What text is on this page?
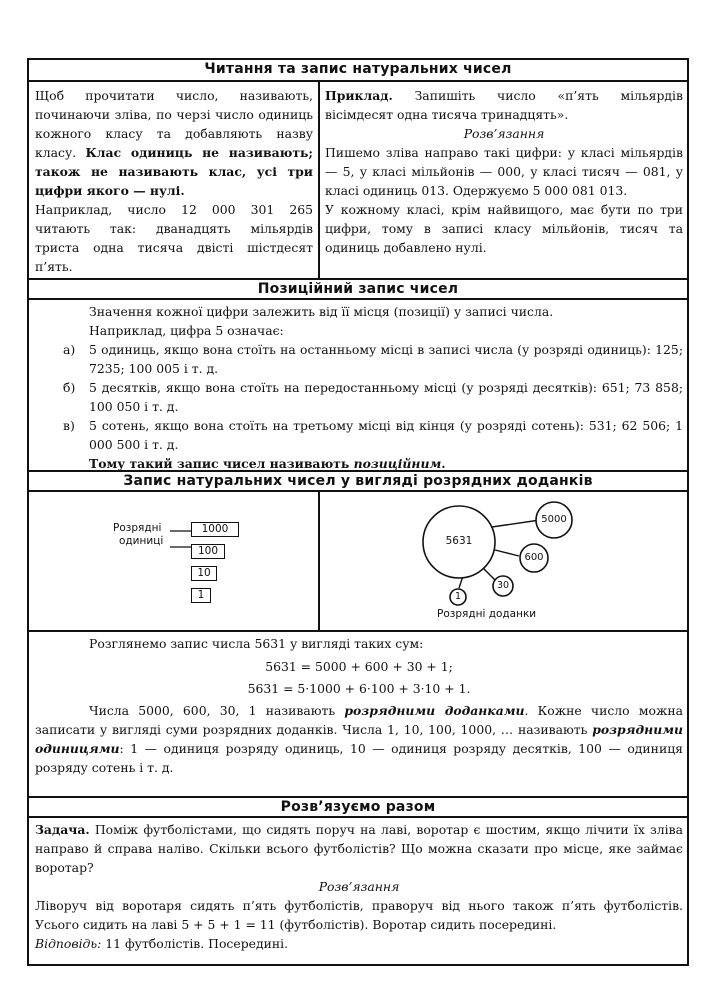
Читання та запис натуральних чисел
Щоб прочитати число, називають, починаючи зліва, по черзі число одиниць кожного класу та добавляють назву класу. Клас одиниць не називають; також не називають клас, усі три цифри якого — нулі.
Наприклад, число 12 000 301 265 читають так: дванадцять мільярдів триста одна тисяча двісті шістдесят п’ять.
Приклад. Запишіть число «п’ять мільярдів вісімдесят одна тисяча тринадцять».
Розв’язання
Пишемо зліва направо такі цифри: у класі мільярдів — 5, у класі мільйонів — 000, у класі тисяч — 081, у класі одиниць 013. Одержуємо 5 000 081 013.
У кожному класі, крім найвищого, має бути по три цифри, тому в записі класу мільйонів, тисяч та одиниць добавлено нулі.
Позиційний запис чисел
Значення кожної цифри залежить від її місця (позиції) у записі числа.
Наприклад, цифра 5 означає:
а) 5 одиниць, якщо вона стоїть на останньому місці в записі числа (у розряді одиниць): 125; 7235; 100 005 і т. д.
б) 5 десятків, якщо вона стоїть на передостанньому місці (у розряді десятків): 651; 73 858; 100 050 і т. д.
в) 5 сотень, якщо вона стоїть на третьому місці від кінця (у розряді сотень): 531; 62 506; 1 000 500 і т. д.
Тому такий запис чисел називають позиційним.
Запис натуральних чисел у вигляді розрядних доданків
Розрядні
одиниці
1000
100
10
1
5631
5000
600
30
1
Розрядні доданки
Розглянемо запис числа 5631 у вигляді таких сум:
5631 = 5000 + 600 + 30 + 1;
5631 = 5·1000 + 6·100 + 3·10 + 1.
Числа 5000, 600, 30, 1 називають розрядними доданками. Кожне число можна записати у вигляді суми розрядних доданків. Числа 1, 10, 100, 1000, … називають розрядними одиницями: 1 — одиниця розряду одиниць, 10 — одиниця розряду десятків, 100 — одиниця розряду сотень і т. д.
Розв’язуємо разом
Задача. Поміж футболістами, що сидять поруч на лаві, воротар є шостим, якщо лічити їх зліва направо й справа наліво. Скільки всього футболістів? Що можна сказати про місце, яке займає воротар?
Розв’язання
Ліворуч від воротаря сидять п’ять футболістів, праворуч від нього також п’ять футболістів. Усього сидить на лаві 5 + 5 + 1 = 11 (футболістів). Воротар сидить посередині.
Відповідь: 11 футболістів. Посередині.
